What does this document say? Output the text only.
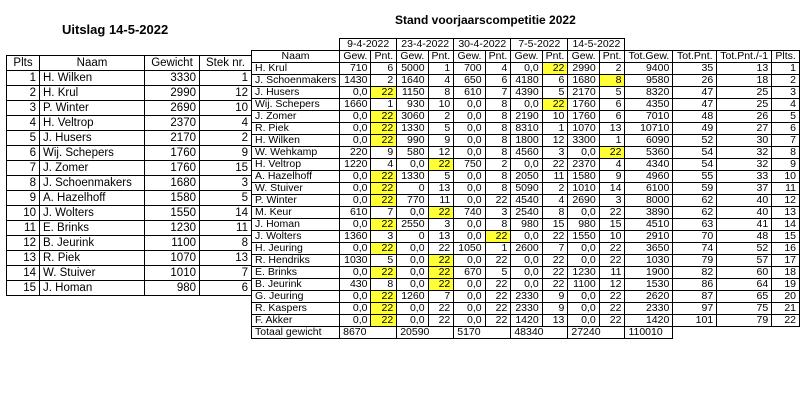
Uitslag 14-5-2022
Stand voorjaarscompetitie 2022
Plts	Naam	Gewicht	Stek nr.
1	H. Wilken	3330	1
2	H. Krul	2990	12
3	P. Winter	2690	10
4	H. Veltrop	2370	4
5	J. Husers	2170	2
6	Wij. Schepers	1760	9
7	J. Zomer	1760	15
8	J. Schoenmakers	1680	3
9	A. Hazelhoff	1580	5
10	J. Wolters	1550	14
11	E. Brinks	1230	11
12	B. Jeurink	1100	8
13	R. Piek	1070	13
14	W. Stuiver	1010	7
15	J. Homan	980	6
	9-4-2022		23-4-2022		30-4-2022		7-5-2022		14-5-2022					
Naam	Gew.	Pnt.	Gew.	Pnt.	Gew.	Pnt.	Gew.	Pnt.	Gew.	Pnt.	Tot.Gew.	Tot.Pnt.	Tot.Pnt./-1	Plts.
H. Krul	710	6	5000	1	700	4	0,0	22	2990	2	9400	35	13	1
J. Schoenmakers	1430	2	1640	4	650	6	4180	6	1680	8	9580	26	18	2
J. Husers	0,0	22	1150	8	610	7	4390	5	2170	5	8320	47	25	3
Wij. Schepers	1660	1	930	10	0,0	8	0,0	22	1760	6	4350	47	25	4
J. Zomer	0,0	22	3060	2	0,0	8	2190	10	1760	6	7010	48	26	5
R. Piek	0,0	22	1330	5	0,0	8	8310	1	1070	13	10710	49	27	6
H. Wilken	0,0	22	990	9	0,0	8	1800	12	3300	1	6090	52	30	7
W. Wehkamp	220	9	580	12	0,0	8	4560	3	0,0	22	5360	54	32	8
H. Veltrop	1220	4	0,0	22	750	2	0,0	22	2370	4	4340	54	32	9
A. Hazelhoff	0,0	22	1330	5	0,0	8	2050	11	1580	9	4960	55	33	10
W. Stuiver	0,0	22	0	13	0,0	8	5090	2	1010	14	6100	59	37	11
P. Winter	0,0	22	770	11	0,0	22	4540	4	2690	3	8000	62	40	12
M. Keur	610	7	0,0	22	740	3	2540	8	0,0	22	3890	62	40	13
J. Homan	0,0	22	2550	3	0,0	8	980	15	980	15	4510	63	41	14
J. Wolters	1360	3	0	13	0,0	22	0,0	22	1550	10	2910	70	48	15
H. Jeuring	0,0	22	0,0	22	1050	1	2600	7	0,0	22	3650	74	52	16
R. Hendriks	1030	5	0,0	22	0,0	22	0,0	22	0,0	22	1030	79	57	17
E. Brinks	0,0	22	0,0	22	670	5	0,0	22	1230	11	1900	82	60	18
B. Jeurink	430	8	0,0	22	0,0	22	0,0	22	1100	12	1530	86	64	19
G. Jeuring	0,0	22	1260	7	0,0	22	2330	9	0,0	22	2620	87	65	20
R. Kaspers	0,0	22	0,0	22	0,0	22	2330	9	0,0	22	2330	97	75	21
F. Akker	0,0	22	0,0	22	0,0	22	1420	13	0,0	22	1420	101	79	22
Totaal gewicht	8670		20590		5170		48340		27240		110010			
